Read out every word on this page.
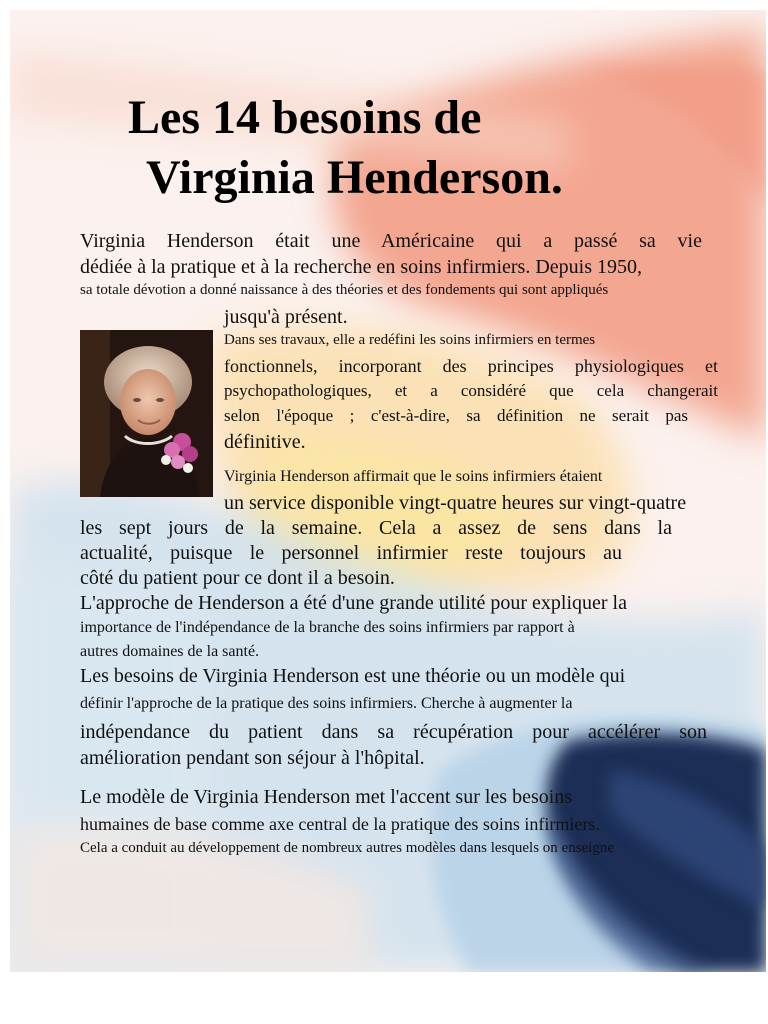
Les 14 besoins de
Virginia Henderson.
Virginia Henderson était une Américaine qui a passé sa vie
dédiée à la pratique et à la recherche en soins infirmiers. Depuis 1950,
sa totale dévotion a donné naissance à des théories et des fondements qui sont appliqués
jusqu'à présent.
Dans ses travaux, elle a redéfini les soins infirmiers en termes
fonctionnels, incorporant des principes physiologiques et
psychopathologiques, et a considéré que cela changerait
selon l'époque ; c'est-à-dire, sa définition ne serait pas
définitive.
Virginia Henderson affirmait que le soins infirmiers étaient
un service disponible vingt-quatre heures sur vingt-quatre
les sept jours de la semaine. Cela a assez de sens dans la
actualité, puisque le personnel infirmier reste toujours au
côté du patient pour ce dont il a besoin.
L'approche de Henderson a été d'une grande utilité pour expliquer la
importance de l'indépendance de la branche des soins infirmiers par rapport à
autres domaines de la santé.
Les besoins de Virginia Henderson est une théorie ou un modèle qui
définir l'approche de la pratique des soins infirmiers. Cherche à augmenter la
indépendance du patient dans sa récupération pour accélérer son
amélioration pendant son séjour à l'hôpital.
Le modèle de Virginia Henderson met l'accent sur les besoins
humaines de base comme axe central de la pratique des soins infirmiers.
Cela a conduit au développement de nombreux autres modèles dans lesquels on enseigne
